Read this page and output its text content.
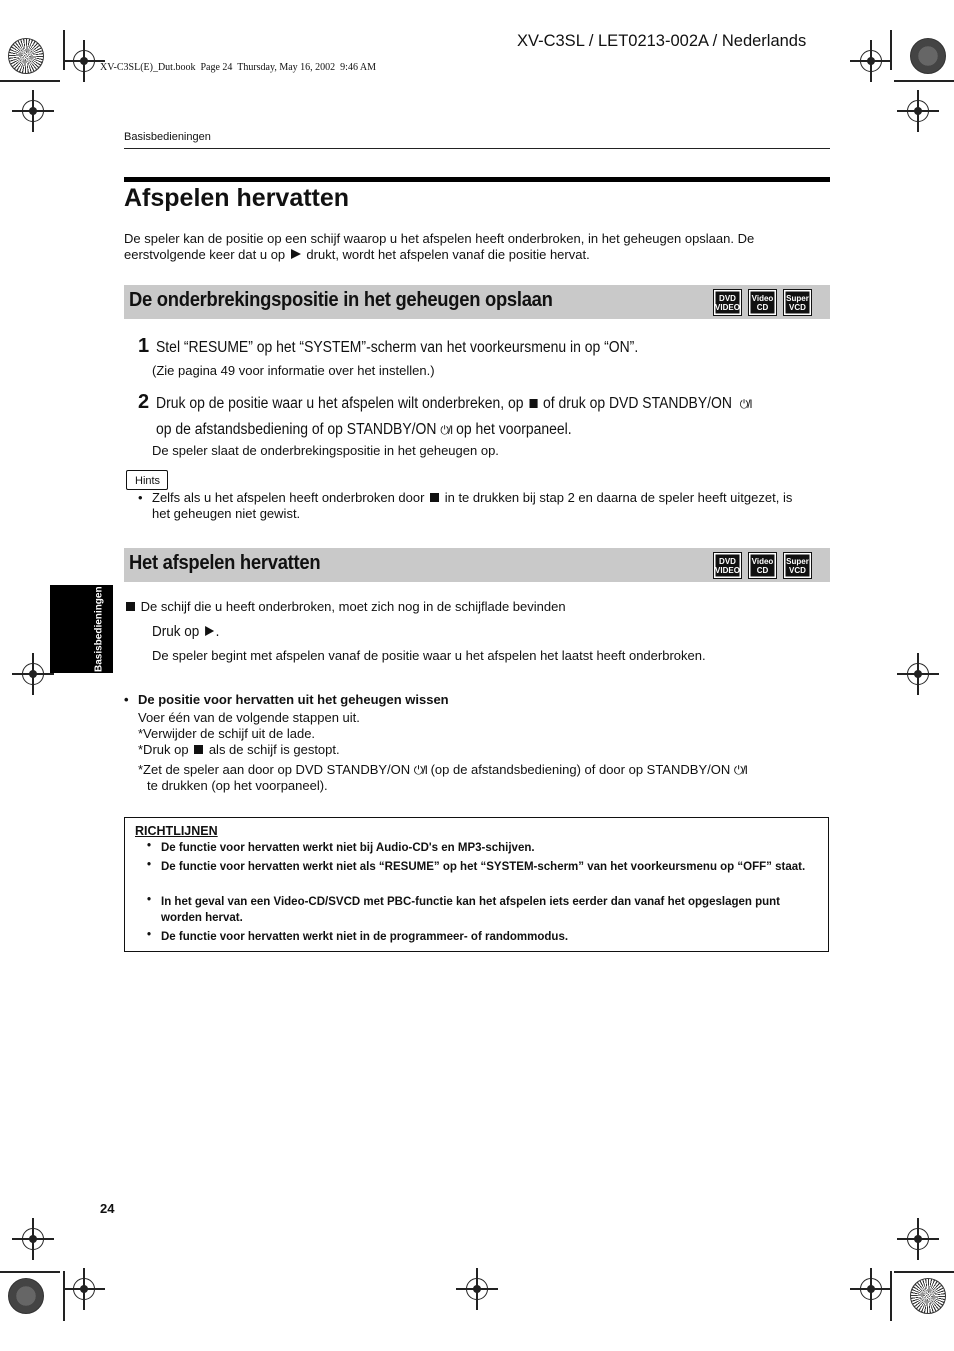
XV-C3SL / LET0213-002A / Nederlands
XV-C3SL(E)_Dut.book  Page 24  Thursday, May 16, 2002  9:46 AM
Basisbedieningen
Afspelen hervatten
De speler kan de positie op een schijf waarop u het afspelen heeft onderbroken, in het geheugen opslaan. De
eerstvolgende keer dat u op drukt, wordt het afspelen vanaf die positie hervat.
De onderbrekingspositie in het geheugen opslaan	DVD
VIDEO
Video
CD
Super
VCD
1 Stel “RESUME” op het “SYSTEM”-scherm van het voorkeursmenu in op “ON”.
(Zie pagina 49 voor informatie over het instellen.)
2 Druk op de positie waar u het afspelen wilt onderbreken, op of druk op DVD STANDBY/ON ⏻/I
op de afstandsbediening of op STANDBY/ON ⏻/I op het voorpaneel.
De speler slaat de onderbrekingspositie in het geheugen op.
Hints
• Zelfs als u het afspelen heeft onderbroken door in te drukken bij stap 2 en daarna de speler heeft uitgezet, is
het geheugen niet gewist.
Het afspelen hervatten	DVD
VIDEO
Video
CD
Super
VCD
Basisbedieningen	De schijf die u heeft onderbroken, moet zich nog in de schijflade bevinden
Druk op .
De speler begint met afspelen vanaf de positie waar u het afspelen het laatst heeft onderbroken.
• De positie voor hervatten uit het geheugen wissen
Voer één van de volgende stappen uit.
*Verwijder de schijf uit de lade.
*Druk op als de schijf is gestopt.
*Zet de speler aan door op DVD STANDBY/ON ⏻/I (op de afstandsbediening) of door op STANDBY/ON ⏻/I
te drukken (op het voorpaneel).
RICHTLIJNEN
• De functie voor hervatten werkt niet bij Audio-CD's en MP3-schijven.
• De functie voor hervatten werkt niet als “RESUME” op het “SYSTEM-scherm” van het voorkeursmenu op “OFF” staat.
• In het geval van een Video-CD/SVCD met PBC-functie kan het afspelen iets eerder dan vanaf het opgeslagen punt worden hervat.
• De functie voor hervatten werkt niet in de programmeer- of randommodus.
24
